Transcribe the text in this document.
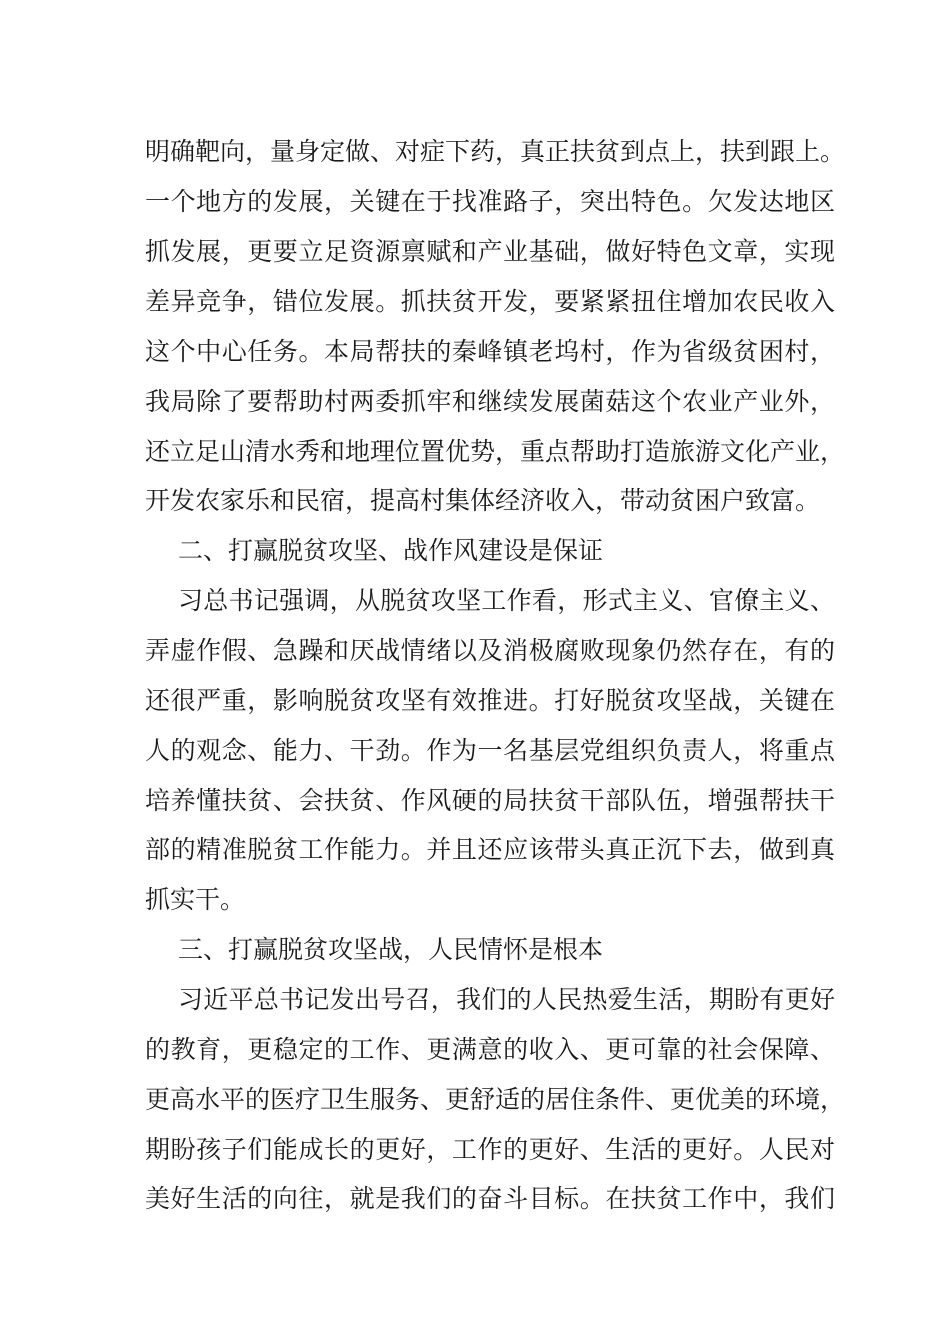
明确靶向，量身定做、对症下药，真正扶贫到点上，扶到跟上。
一个地方的发展，关键在于找准路子，突出特色。欠发达地区
抓发展，更要立足资源禀赋和产业基础，做好特色文章，实现
差异竞争，错位发展。抓扶贫开发，要紧紧扭住增加农民收入
这个中心任务。本局帮扶的秦峰镇老坞村，作为省级贫困村，
我局除了要帮助村两委抓牢和继续发展菌菇这个农业产业外，
还立足山清水秀和地理位置优势，重点帮助打造旅游文化产业，
开发农家乐和民宿，提高村集体经济收入，带动贫困户致富。
二、打赢脱贫攻坚、战作风建设是保证
习总书记强调，从脱贫攻坚工作看，形式主义、官僚主义、
弄虚作假、急躁和厌战情绪以及消极腐败现象仍然存在，有的
还很严重，影响脱贫攻坚有效推进。打好脱贫攻坚战，关键在
人的观念、能力、干劲。作为一名基层党组织负责人，将重点
培养懂扶贫、会扶贫、作风硬的局扶贫干部队伍，增强帮扶干
部的精准脱贫工作能力。并且还应该带头真正沉下去，做到真
抓实干。
三、打赢脱贫攻坚战，人民情怀是根本
习近平总书记发出号召，我们的人民热爱生活，期盼有更好
的教育，更稳定的工作、更满意的收入、更可靠的社会保障、
更高水平的医疗卫生服务、更舒适的居住条件、更优美的环境，
期盼孩子们能成长的更好，工作的更好、生活的更好。人民对
美好生活的向往，就是我们的奋斗目标。在扶贫工作中，我们
